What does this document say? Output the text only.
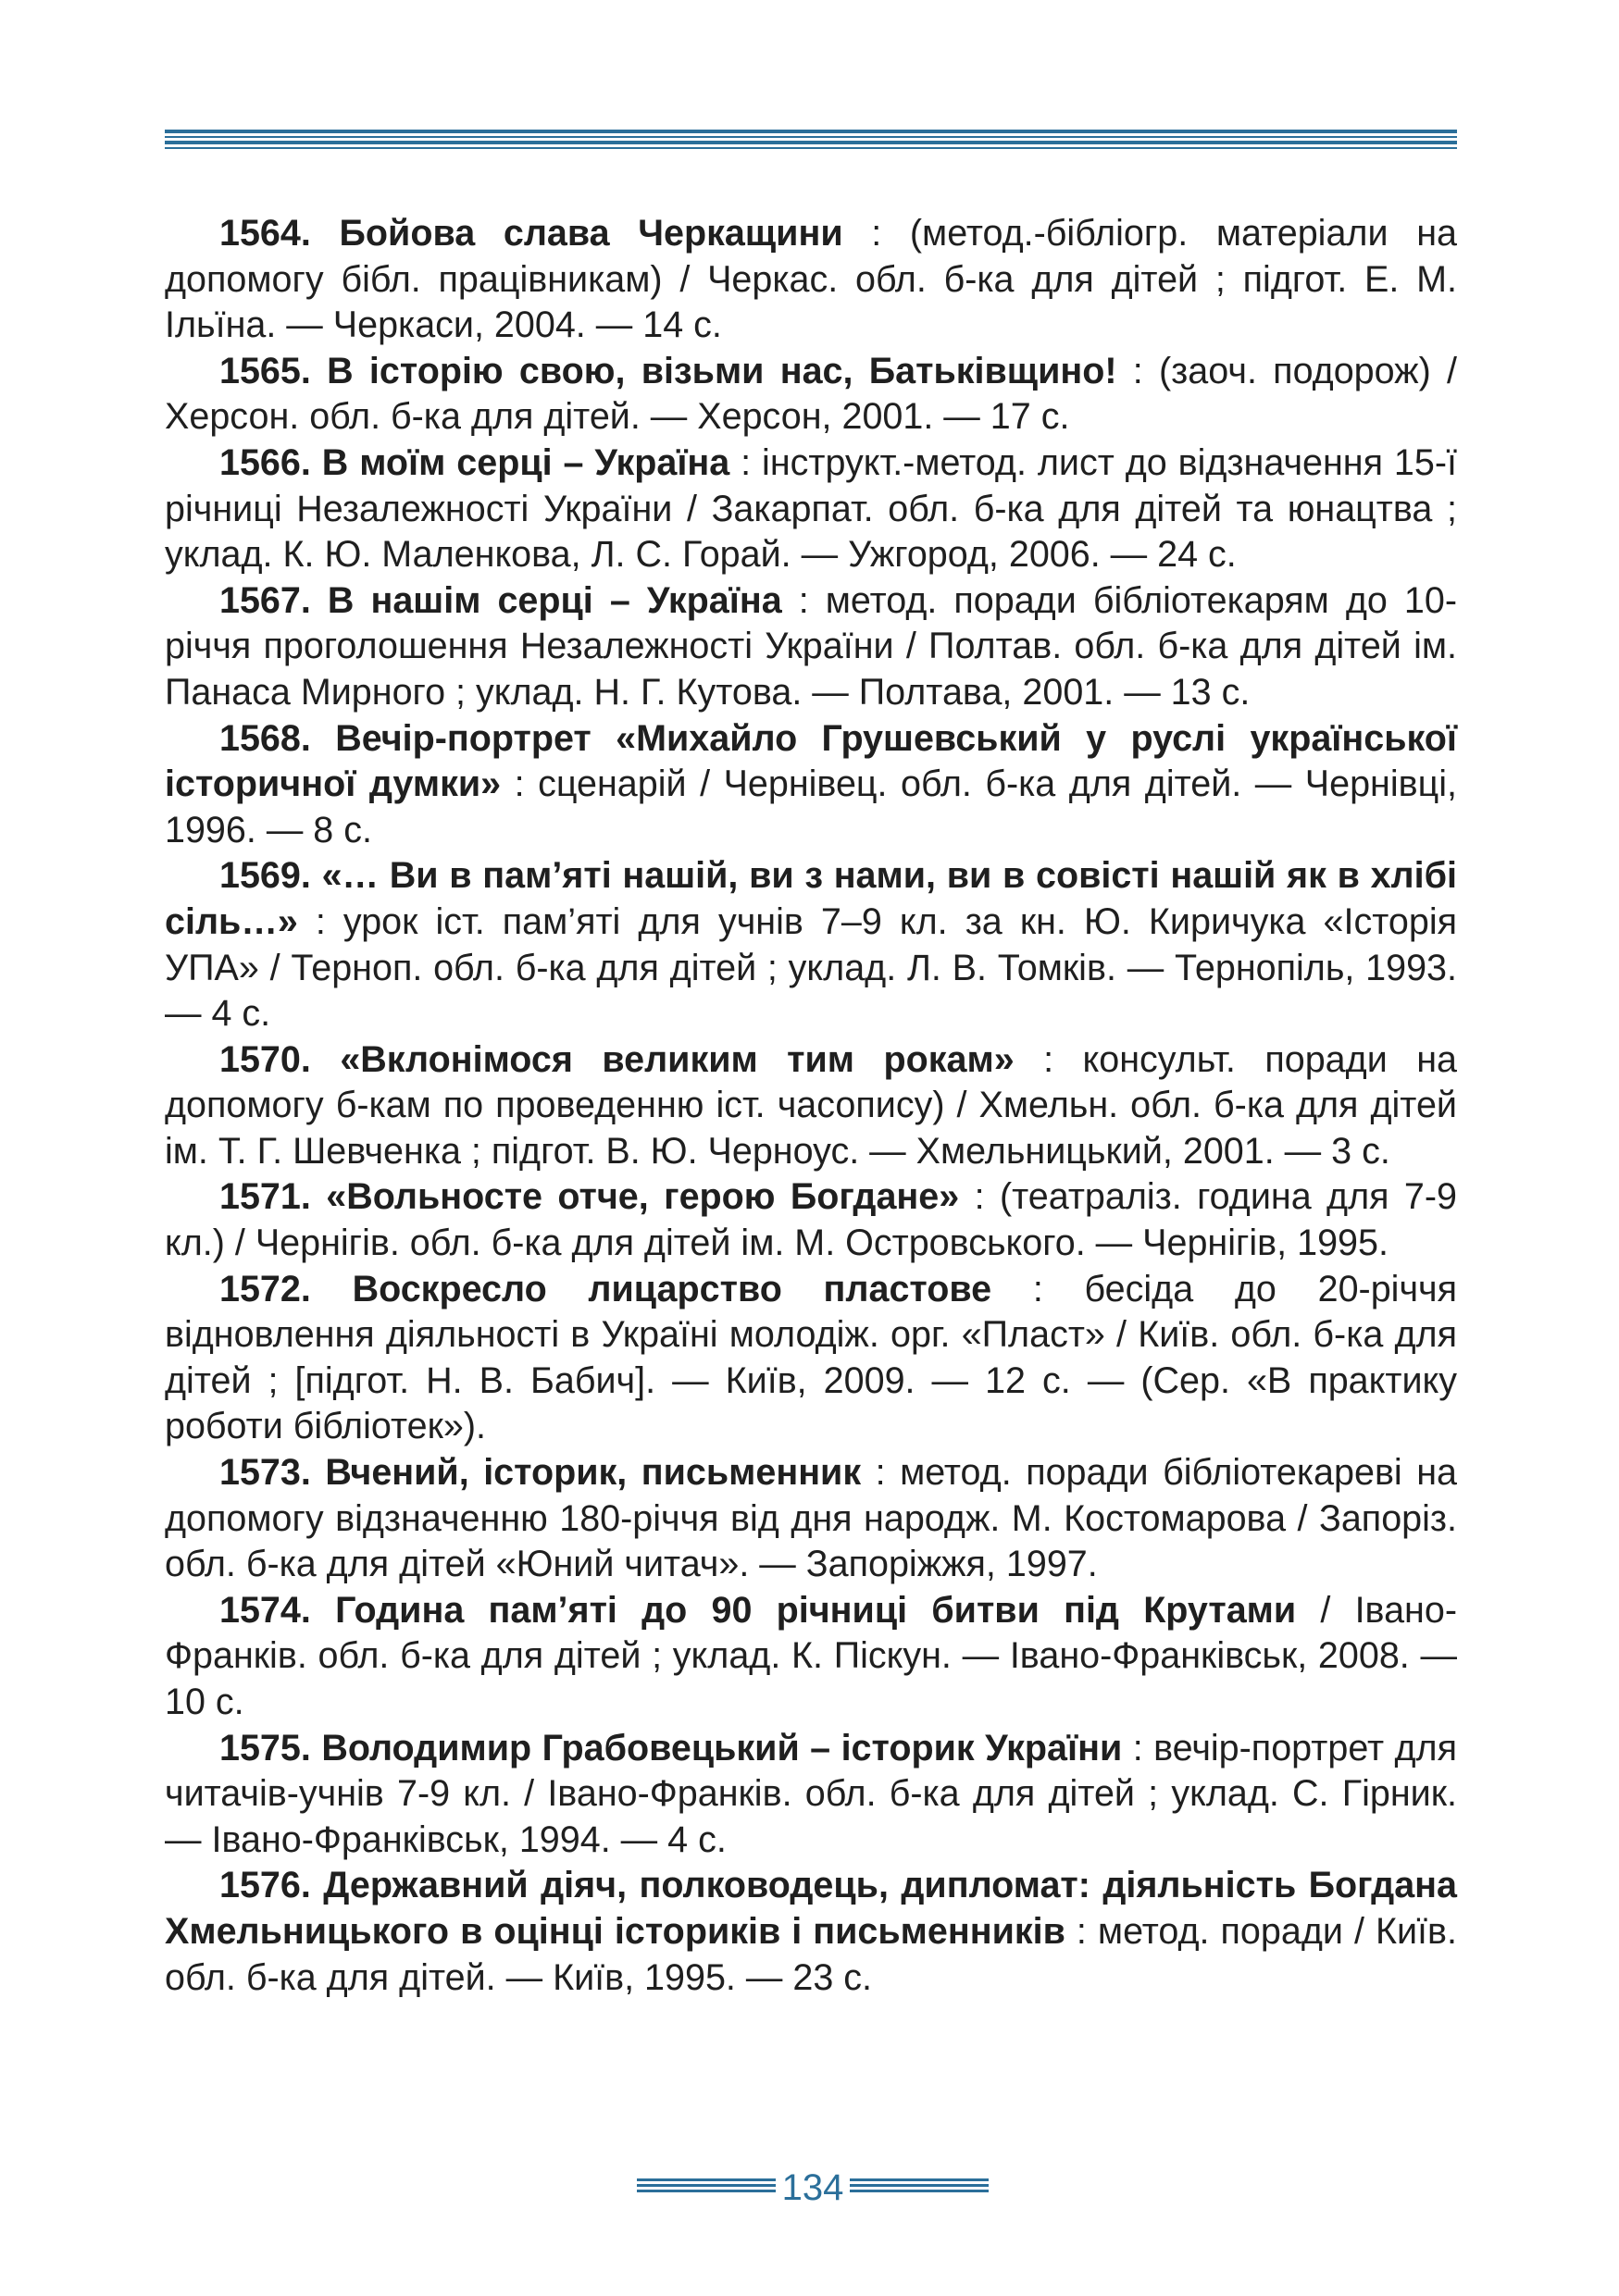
1564. Бойова слава Черкащини : (метод.-бібліогр. матеріали на допомогу бібл. працівникам) / Черкас. обл. б-ка для дітей ; підгот. Е. М. Ільїна. — Черкаси, 2004. — 14 с.

1565. В історію свою, візьми нас, Батьківщино! : (заоч. подорож) / Херсон. обл. б-ка для дітей. — Херсон, 2001. — 17 с.

1566. В моїм серці – Україна : інструкт.-метод. лист до відзначення 15-ї річниці Незалежності України / Закарпат. обл. б-ка для дітей та юнацтва ; уклад. К. Ю. Маленкова, Л. С. Горай. — Ужгород, 2006. — 24 с.

1567. В нашім серці – Україна : метод. поради бібліотекарям до 10-річчя проголошення Незалежності України / Полтав. обл. б-ка для дітей ім. Панаса Мирного ; уклад. Н. Г. Кутова. — Полтава, 2001. — 13 с.

1568. Вечір-портрет «Михайло Грушевський у руслі української історичної думки» : сценарій / Чернівец. обл. б-ка для дітей. — Чернівці, 1996. — 8 с.

1569. «… Ви в пам’яті нашій, ви з нами, ви в совісті нашій як в хлібі сіль…» : урок іст. пам’яті для учнів 7–9 кл. за кн. Ю. Киричука «Історія УПА» / Терноп. обл. б-ка для дітей ; уклад. Л. В. Томків. — Тернопіль, 1993. — 4 с.

1570. «Вклонімося великим тим рокам» : консульт. поради на допомогу б-кам по проведенню іст. часопису) / Хмельн. обл. б-ка для дітей ім. Т. Г. Шевченка ; підгот. В. Ю. Черноус. — Хмельницький, 2001. — 3 с.

1571. «Вольносте отче, герою Богдане» : (театраліз. година для 7-9 кл.) / Чернігів. обл. б-ка для дітей ім. М. Островського. — Чернігів, 1995.

1572. Воскресло лицарство пластове : бесіда до 20-річчя відновлення діяльності в Україні молодіж. орг. «Пласт» / Київ. обл. б-ка для дітей ; [підгот. Н. В. Бабич]. — Київ, 2009. — 12 с. — (Сер. «В практику роботи бібліотек»).

1573. Вчений, історик, письменник : метод. поради бібліотекареві на допомогу відзначенню 180-річчя від дня народж. М. Костомарова / Запоріз. обл. б-ка для дітей «Юний читач». — Запоріжжя, 1997.

1574. Година пам’яті до 90 річниці битви під Крутами / Івано-Франків. обл. б-ка для дітей ; уклад. К. Піскун. — Івано-Франківськ, 2008. — 10 с.

1575. Володимир Грабовецький – історик України : вечір-портрет для читачів-учнів 7-9 кл. / Івано-Франків. обл. б-ка для дітей ; уклад. С. Гірник. — Івано-Франківськ, 1994. — 4 с.

1576. Державний діяч, полководець, дипломат: діяльність Богдана Хмельницького в оцінці істориків і письменників : метод. поради / Київ. обл. б-ка для дітей. — Київ, 1995. — 23 с.

134
